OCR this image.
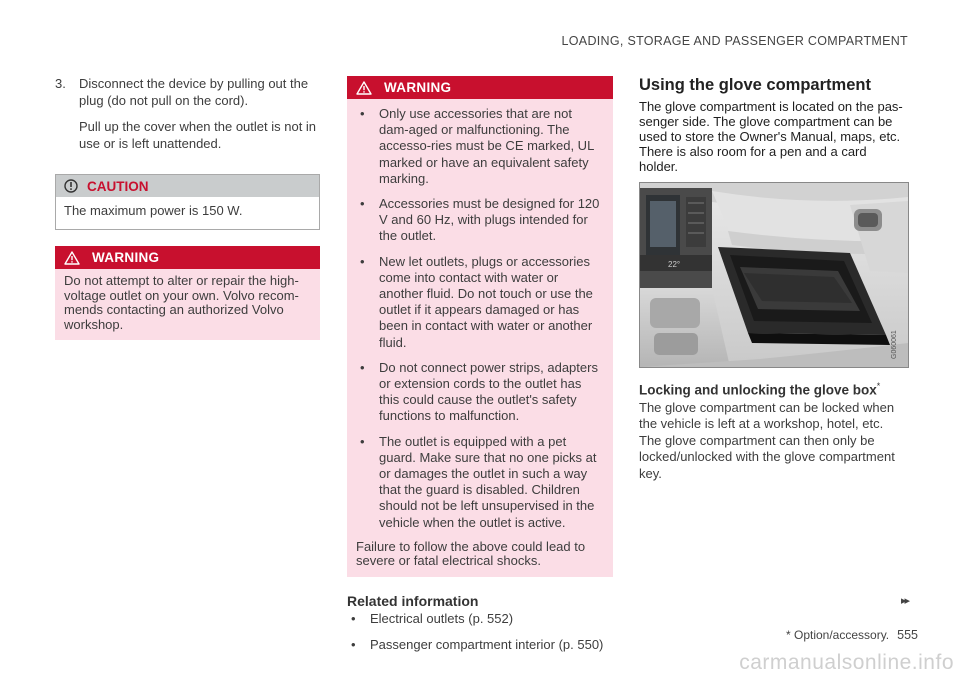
LOADING, STORAGE AND PASSENGER COMPARTMENT
3.	Disconnect the device by pulling out the plug (do not pull on the cord).

Pull up the cover when the outlet is not in use or is left unattended.

CAUTION
The maximum power is 150 W.
WARNING
Do not attempt to alter or repair the high-voltage outlet on your own. Volvo recom-mends contacting an authorized Volvo workshop.
WARNING
• Only use accessories that are not dam-aged or malfunctioning. The accesso-ries must be CE marked, UL marked or have an equivalent safety marking.
• Accessories must be designed for 120 V and 60 Hz, with plugs intended for the outlet.
• New let outlets, plugs or accessories come into contact with water or another fluid. Do not touch or use the outlet if it appears damaged or has been in contact with water or another fluid.
• Do not connect power strips, adapters or extension cords to the outlet has this could cause the outlet's safety functions to malfunction.
• The outlet is equipped with a pet guard. Make sure that no one picks at or damages the outlet in such a way that the guard is disabled. Children should not be left unsupervised in the vehicle when the outlet is active.
Failure to follow the above could lead to severe or fatal electrical shocks.
Related information
• Electrical outlets (p. 552)
• Passenger compartment interior (p. 550)
Using the glove compartment
The glove compartment is located on the pas-senger side. The glove compartment can be used to store the Owner's Manual, maps, etc. There is also room for a pen and a card holder.
22°
G060061
Locking and unlocking the glove box*
The glove compartment can be locked when the vehicle is left at a workshop, hotel, etc. The glove compartment can then only be locked/unlocked with the glove compartment key.
▸▸
* Option/accessory. 555
carmanualsonline.info
